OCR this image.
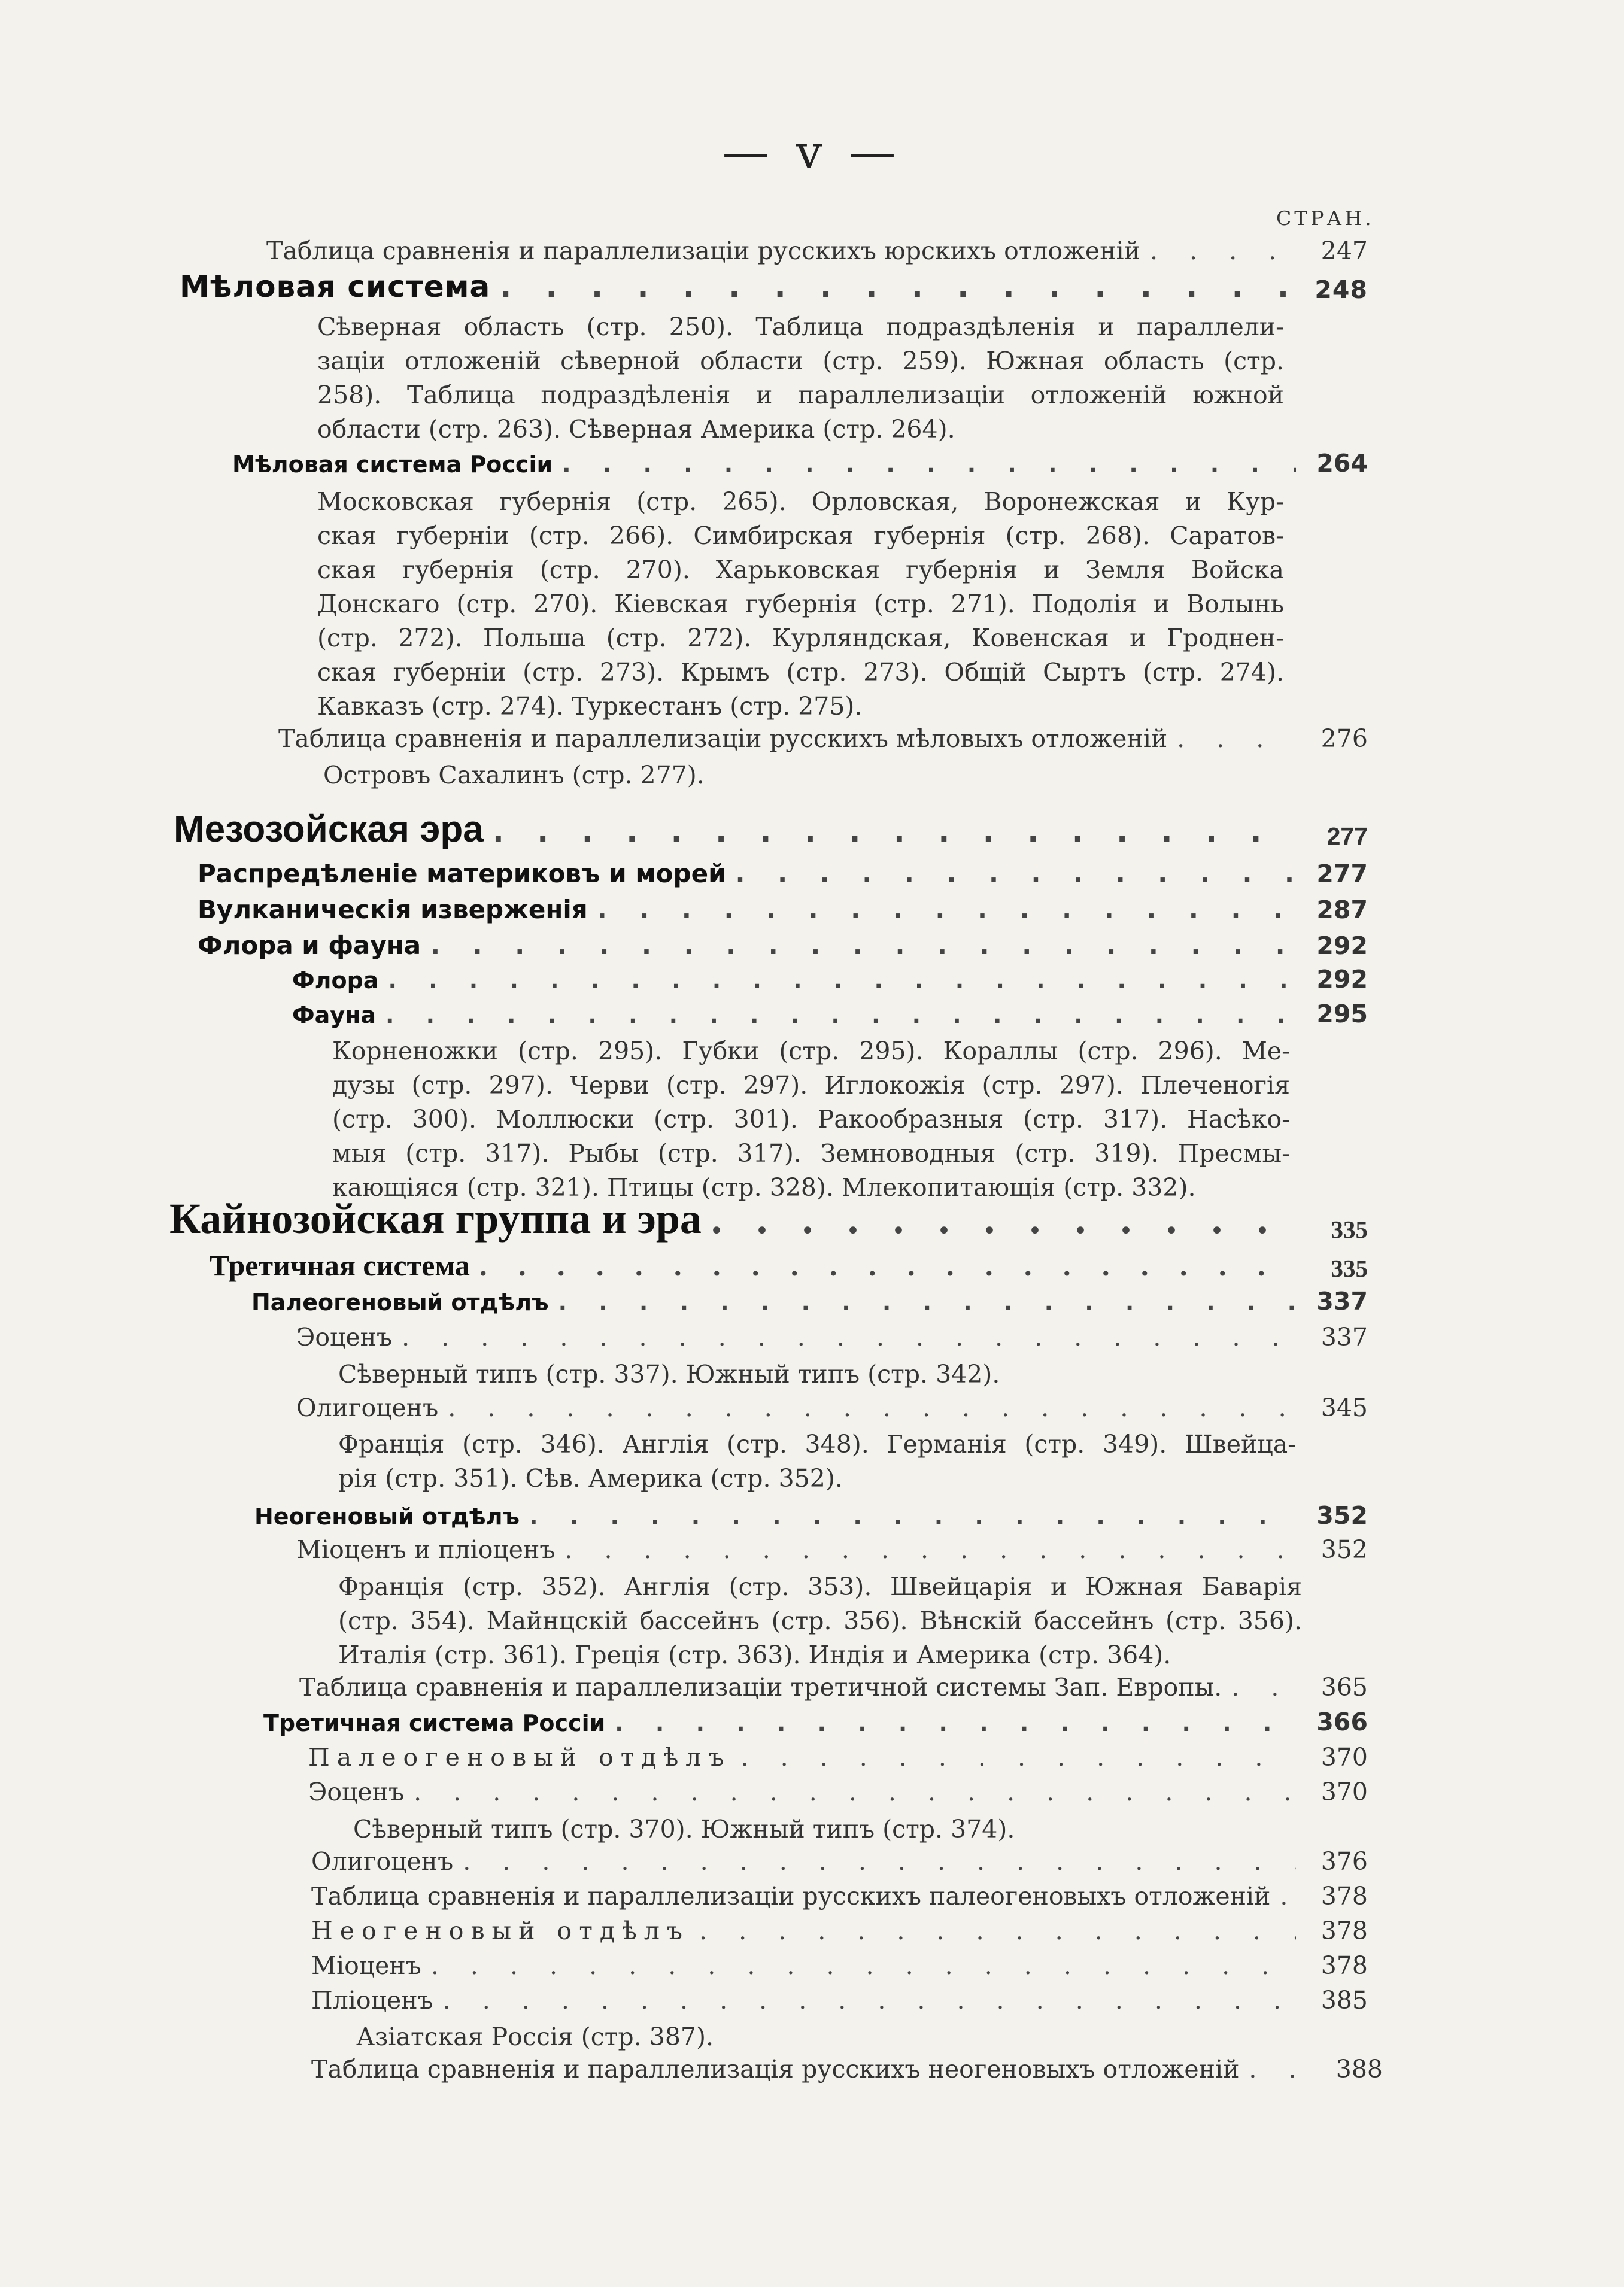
— v —
СТРАН.
Таблица сравненія и параллелизаціи русскихъ юрскихъ отложеній . . .	247
Мѣловая система . . .	248
Сѣверная область (стр. 250). Таблица подраздѣленія и параллели-
заціи отложеній сѣверной области (стр. 259). Южная область (стр.
258). Таблица подраздѣленія и параллелизаціи отложеній южной
области (стр. 263). Сѣверная Америка (стр. 264).
Мѣловая система Россіи . . .	264
Московская губернія (стр. 265). Орловская, Воронежская и Кур-
ская губерніи (стр. 266). Симбирская губернія (стр. 268). Саратов-
ская губернія (стр. 270). Харьковская губернія и Земля Войска
Донскаго (стр. 270). Кіевская губернія (стр. 271). Подолія и Волынь
(стр. 272). Польша (стр. 272). Курляндская, Ковенская и Гроднен-
ская губерніи (стр. 273). Крымъ (стр. 273). Общій Сыртъ (стр. 274).
Кавказъ (стр. 274). Туркестанъ (стр. 275).
Таблица сравненія и параллелизаціи русскихъ мѣловыхъ отложеній . . .	276
Островъ Сахалинъ (стр. 277).
Мезозойская эра . . .	277
Распредѣленіе материковъ и морей . . .	277
Вулканическія изверженія . . .	287
Флора и фауна . . .	292
Флора . . .	292
Фауна . . .	295
Корненожки (стр. 295). Губки (стр. 295). Кораллы (стр. 296). Ме-
дузы (стр. 297). Черви (стр. 297). Иглокожія (стр. 297). Плеченогія
(стр. 300). Моллюски (стр. 301). Ракообразныя (стр. 317). Насѣко-
мыя (стр. 317). Рыбы (стр. 317). Земноводныя (стр. 319). Пресмы-
кающіяся (стр. 321). Птицы (стр. 328). Млекопитающія (стр. 332).
Кайнозойская группа и эра . . .	335
Третичная система . . .	335
Палеогеновый отдѣлъ . . .	337
Эоценъ . . .	337
Сѣверный типъ (стр. 337). Южный типъ (стр. 342).
Олигоценъ . . .	345
Франція (стр. 346). Англія (стр. 348). Германія (стр. 349). Швейца-
рія (стр. 351). Сѣв. Америка (стр. 352).
Неогеновый отдѣлъ . . .	352
Міоценъ и пліоценъ . . .	352
Франція (стр. 352). Англія (стр. 353). Швейцарія и Южная Баварія
(стр. 354). Майнцскій бассейнъ (стр. 356). Вѣнскій бассейнъ (стр. 356).
Италія (стр. 361). Греція (стр. 363). Индія и Америка (стр. 364).
Таблица сравненія и параллелизаціи третичной системы Зап. Европы. . . .	365
Третичная система Россіи . . .	366
Палеогеновый отдѣлъ . . .	370
Эоценъ . . .	370
Сѣверный типъ (стр. 370). Южный типъ (стр. 374).
Олигоценъ . . .	376
Таблица сравненія и параллелизаціи русскихъ палеогеновыхъ отложеній . . .	378
Неогеновый отдѣлъ . . .	378
Міоценъ . . .	378
Пліоценъ . . .	385
Азіатская Россія (стр. 387).
Таблица сравненія и параллелизація русскихъ неогеновыхъ отложеній . . .	388
